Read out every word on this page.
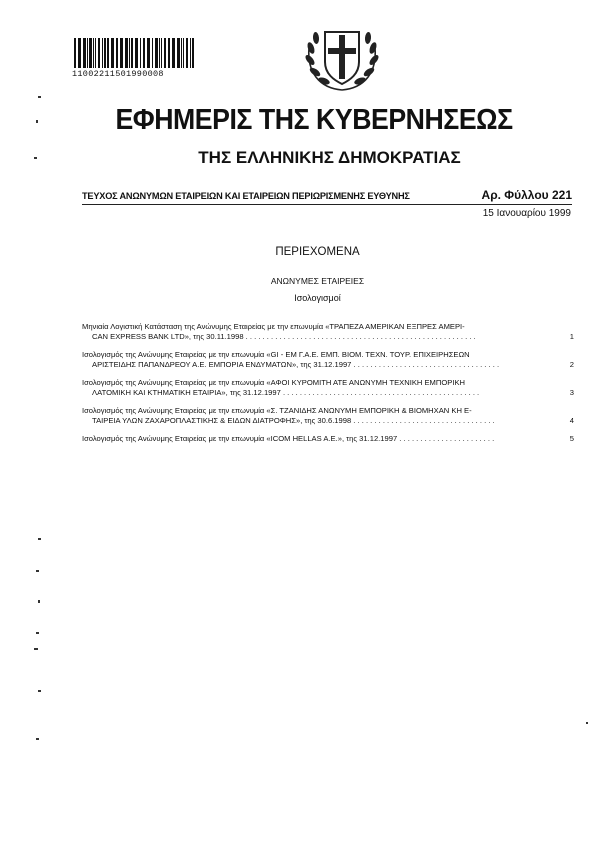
11002211501990008
ΕΦΗΜΕΡΙΣ ΤΗΣ ΚΥΒΕΡΝΗΣΕΩΣ
ΤΗΣ ΕΛΛΗΝΙΚΗΣ ΔΗΜΟΚΡΑΤΙΑΣ
ΤΕΥΧΟΣ ΑΝΩΝΥΜΩΝ ΕΤΑΙΡΕΙΩΝ ΚΑΙ ΕΤΑΙΡΕΙΩΝ ΠΕΡΙΩΡΙΣΜΕΝΗΣ ΕΥΘΥΝΗΣ	Αρ. Φύλλου 221
15 Ιανουαρίου 1999
ΠΕΡΙΕΧΟΜΕΝΑ
ΑΝΩΝΥΜΕΣ ΕΤΑΙΡΕΙΕΣ
Ισολογισμοί
Μηνιαία Λογιστική Κατάσταση της Ανώνυμης Εταιρείας με την επωνυμία «ΤΡΑΠΕΖΑ ΑΜΕΡΙΚΑΝ ΕΞΠΡΕΣ ΑΜΕΡΙ-
CAN EXPRESS BANK LTD», της 30.11.1998 . . . . . . . . . . . . . . . . . . . . . . . . . . . . . . . . . . . . . . . . . . . . . . . . . . . . . . .	1
Ισολογισμός της Ανώνυμης Εταιρείας με την επωνυμία «GI - ΕΜ Γ.Α.Ε. ΕΜΠ. ΒΙΟΜ. ΤΕΧΝ. ΤΟΥΡ. ΕΠΙΧΕΙΡΗΣΕΩΝ
ΑΡΙΣΤΕΙΔΗΣ ΠΑΠΑΝΔΡΕΟΥ Α.Ε. ΕΜΠΟΡΙΑ ΕΝΔΥΜΑΤΩΝ», της 31.12.1997 . . . . . . . . . . . . . . . . . . . . . . . . . . . . . . . . . . .	2
Ισολογισμός της Ανώνυμης Εταιρείας με την επωνυμία «ΑΦΟΙ ΚΥΡΟΜΙΤΗ ΑΤΕ ΑΝΩΝΥΜΗ ΤΕΧΝΙΚΗ ΕΜΠΟΡΙΚΗ
ΛΑΤΟΜΙΚΗ ΚΑΙ ΚΤΗΜΑΤΙΚΗ ΕΤΑΙΡΙΑ», της 31.12.1997 . . . . . . . . . . . . . . . . . . . . . . . . . . . . . . . . . . . . . . . . . . . . . . .	3
Ισολογισμός της Ανώνυμης Εταιρείας με την επωνυμία «Σ. ΤΖΑΝΙΔΗΣ ΑΝΩΝΥΜΗ ΕΜΠΟΡΙΚΗ & ΒΙΟΜΗΧΑΝ ΚΗ Ε-
ΤΑΙΡΕΙΑ ΥΛΩΝ ΖΑΧΑΡΟΠΛΑΣΤΙΚΗΣ & ΕΙΔΩΝ ΔΙΑΤΡΟΦΗΣ», της 30.6.1998 . . . . . . . . . . . . . . . . . . . . . . . . . . . . . . . . . .	4
Ισολογισμός της Ανώνυμης Εταιρείας με την επωνυμία «ICOM HELLAS A.E.», της 31.12.1997 . . . . . . . . . . . . . . . . . . . . . . .	5
